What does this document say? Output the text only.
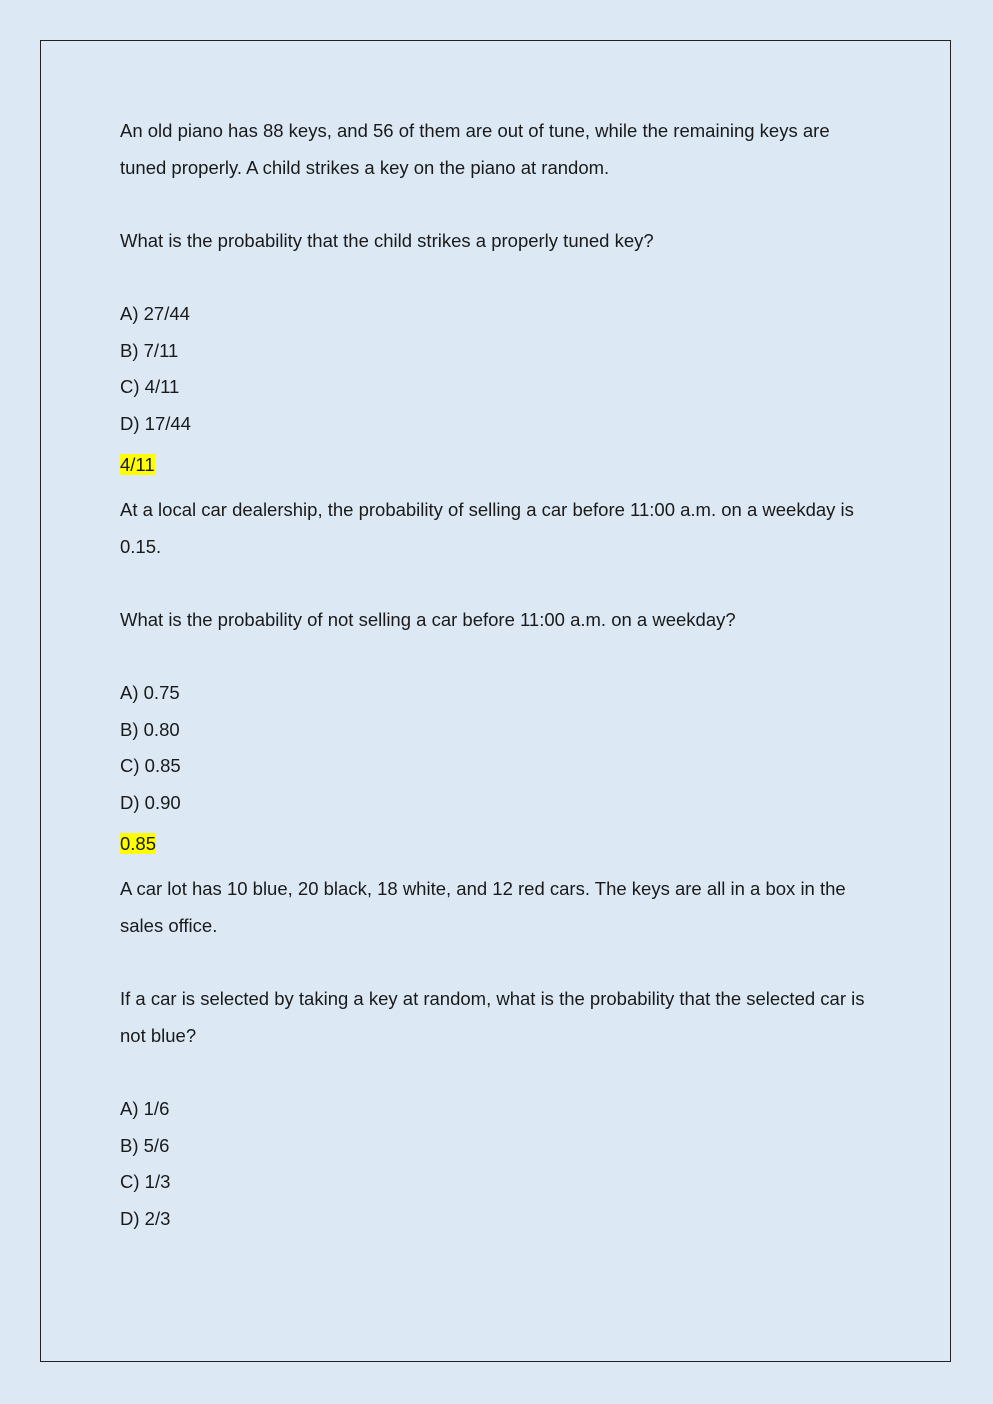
An old piano has 88 keys, and 56 of them are out of tune, while the remaining keys are tuned properly. A child strikes a key on the piano at random.

What is the probability that the child strikes a properly tuned key?

A) 27/44

B) 7/11

C) 4/11

D) 17/44

4/11

At a local car dealership, the probability of selling a car before 11:00 a.m. on a weekday is 0.15.

What is the probability of not selling a car before 11:00 a.m. on a weekday?

A) 0.75

B) 0.80

C) 0.85

D) 0.90

0.85

A car lot has 10 blue, 20 black, 18 white, and 12 red cars. The keys are all in a box in the sales office.

If a car is selected by taking a key at random, what is the probability that the selected car is not blue?

A) 1/6

B) 5/6

C) 1/3

D) 2/3
